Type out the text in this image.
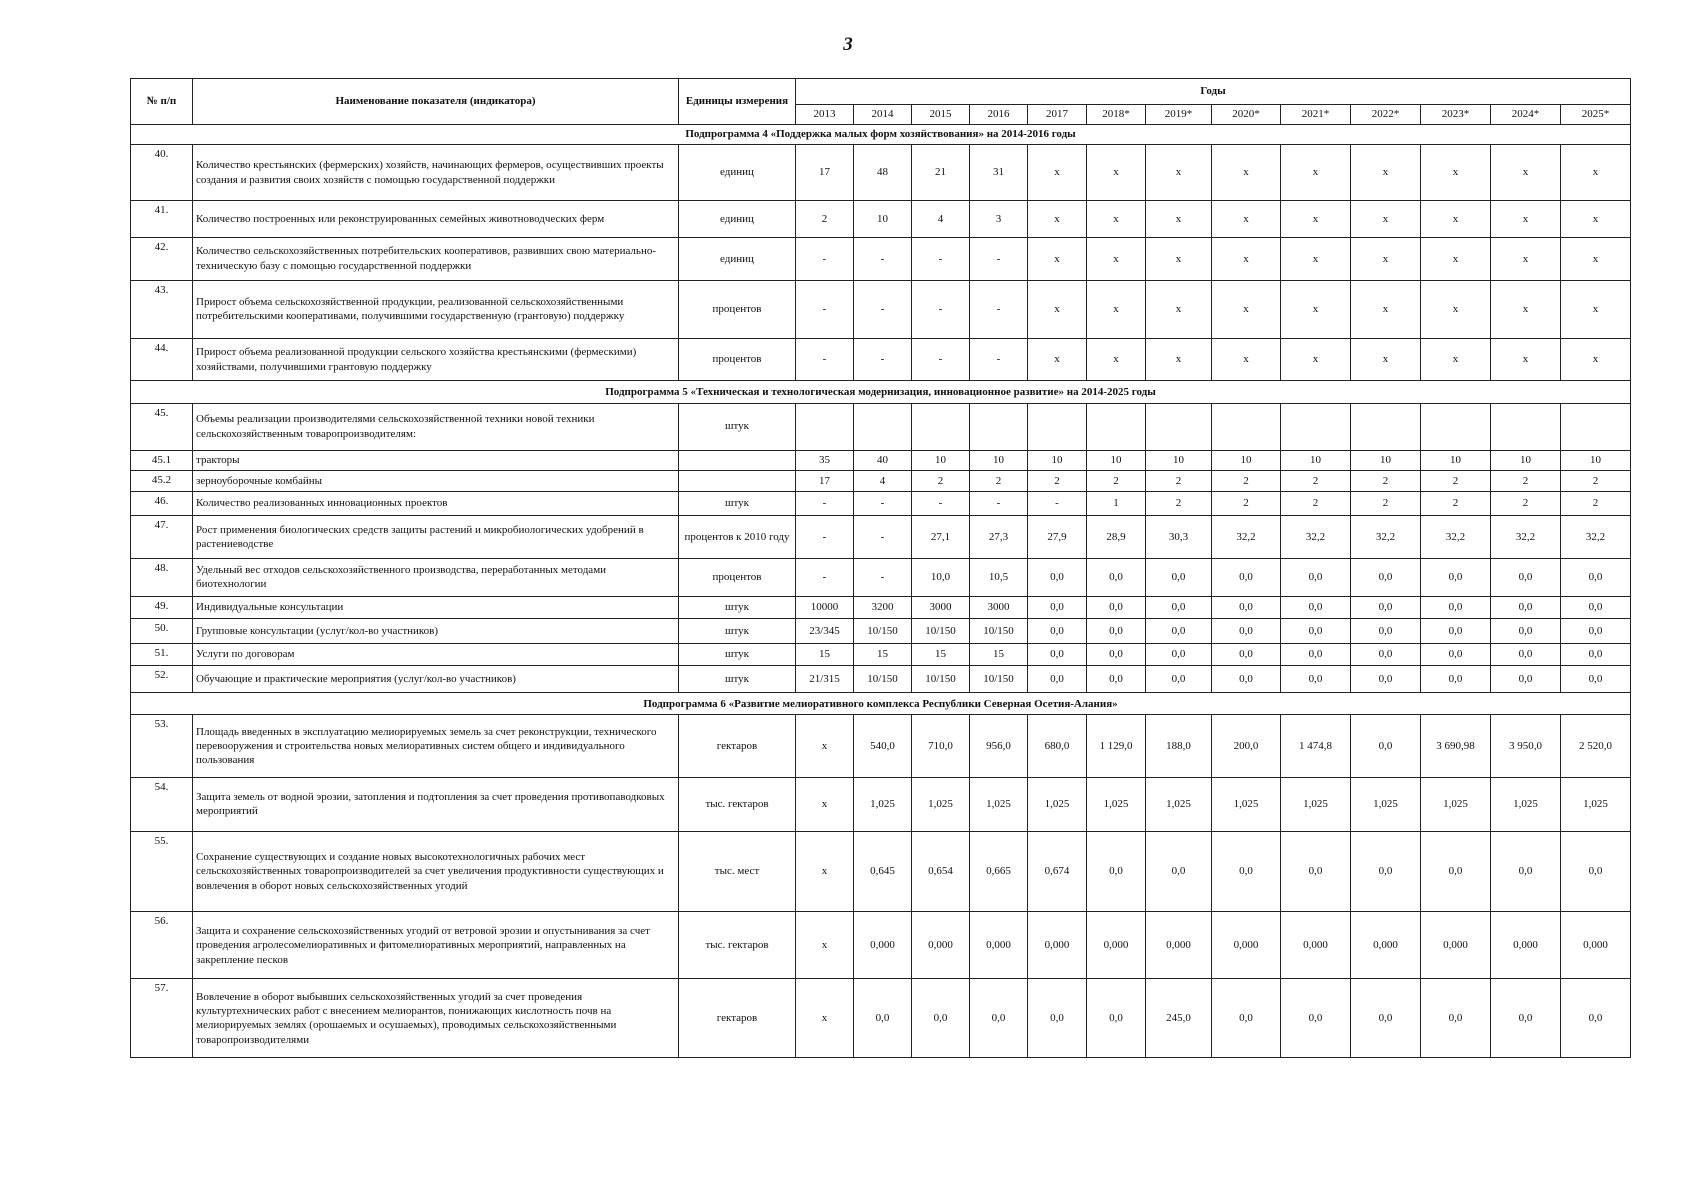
3
№ п/п	Наименование показателя (индикатора)	Единицы измерения	Годы												
			2013	2014	2015	2016	2017	2018*	2019*	2020*	2021*	2022*	2023*	2024*	2025*
Подпрограмма 4 «Поддержка малых форм хозяйствования» на 2014-2016 годы															
40.	Количество крестьянских (фермерских) хозяйств, начинающих фермеров, осуществивших проекты создания и развития своих хозяйств с помощью государственной поддержки	единиц	17	48	21	31	x	x	x	x	x	x	x	x	x
41.	Количество построенных или реконструированных семейных животноводческих ферм	единиц	2	10	4	3	x	x	x	x	x	x	x	x	x
42.	Количество сельскохозяйственных потребительских кооперативов, развивших свою материально-техническую базу с помощью государственной поддержки	единиц	-	-	-	-	x	x	x	x	x	x	x	x	x
43.	Прирост объема сельскохозяйственной продукции, реализованной сельскохозяйственными потребительскими кооперативами, получившими государственную (грантовую) поддержку	процентов	-	-	-	-	x	x	x	x	x	x	x	x	x
44.	Прирост объема реализованной продукции сельского хозяйства крестьянскими (фермескими) хозяйствами, получившими грантовую поддержку	процентов	-	-	-	-	x	x	x	x	x	x	x	x	x
Подпрограмма 5 «Техническая и технологическая модернизация, инновационное развитие» на 2014-2025 годы															
45.	Объемы реализации производителями сельскохозяйственной техники новой техники сельскохозяйственным товаропроизводителям:	штук													
45.1	тракторы		35	40	10	10	10	10	10	10	10	10	10	10	10
45.2	зерноуборочные комбайны		17	4	2	2	2	2	2	2	2	2	2	2	2
46.	Количество реализованных инновационных проектов	штук	-	-	-	-	-	1	2	2	2	2	2	2	2
47.	Рост применения биологических средств защиты растений и микробиологических удобрений в растениеводстве	процентов к 2010 году	-	-	27,1	27,3	27,9	28,9	30,3	32,2	32,2	32,2	32,2	32,2	32,2
48.	Удельный вес отходов сельскохозяйственного производства, переработанных методами биотехнологии	процентов	-	-	10,0	10,5	0,0	0,0	0,0	0,0	0,0	0,0	0,0	0,0	0,0
49.	Индивидуальные консультации	штук	10000	3200	3000	3000	0,0	0,0	0,0	0,0	0,0	0,0	0,0	0,0	0,0
50.	Групповые консультации (услуг/кол-во участников)	штук	23/345	10/150	10/150	10/150	0,0	0,0	0,0	0,0	0,0	0,0	0,0	0,0	0,0
51.	Услуги по договорам	штук	15	15	15	15	0,0	0,0	0,0	0,0	0,0	0,0	0,0	0,0	0,0
52.	Обучающие и практические мероприятия (услуг/кол-во участников)	штук	21/315	10/150	10/150	10/150	0,0	0,0	0,0	0,0	0,0	0,0	0,0	0,0	0,0
Подпрограмма 6 «Развитие мелиоративного комплекса Республики Северная Осетия-Алания»															
53.	Площадь введенных в эксплуатацию мелиорируемых земель за счет реконструкции, технического перевооружения и строительства новых мелиоративных систем общего и индивидуального пользования	гектаров	x	540,0	710,0	956,0	680,0	1 129,0	188,0	200,0	1 474,8	0,0	3 690,98	3 950,0	2 520,0
54.	Защита земель от водной эрозии, затопления и подтопления за счет проведения противопаводковых мероприятий	тыс. гектаров	x	1,025	1,025	1,025	1,025	1,025	1,025	1,025	1,025	1,025	1,025	1,025	1,025
55.	Сохранение существующих и создание новых высокотехнологичных рабочих мест сельскохозяйственных товаропроизводителей за счет увеличения продуктивности существующих и вовлечения в оборот новых сельскохозяйственных угодий	тыс. мест	x	0,645	0,654	0,665	0,674	0,0	0,0	0,0	0,0	0,0	0,0	0,0	0,0
56.	Защита и сохранение сельскохозяйственных угодий от ветровой эрозии и опустынивания за счет проведения агролесомелиоративных и фитомелиоративных мероприятий, направленных на закрепление песков	тыс. гектаров	x	0,000	0,000	0,000	0,000	0,000	0,000	0,000	0,000	0,000	0,000	0,000	0,000
57.	Вовлечение в оборот выбывших сельскохозяйственных угодий за счет проведения культуртехнических работ с внесением мелиорантов, понижающих кислотность почв на мелиорируемых землях (орошаемых и осушаемых), проводимых сельскохозяйственными товаропроизводителями	гектаров	x	0,0	0,0	0,0	0,0	0,0	245,0	0,0	0,0	0,0	0,0	0,0	0,0
